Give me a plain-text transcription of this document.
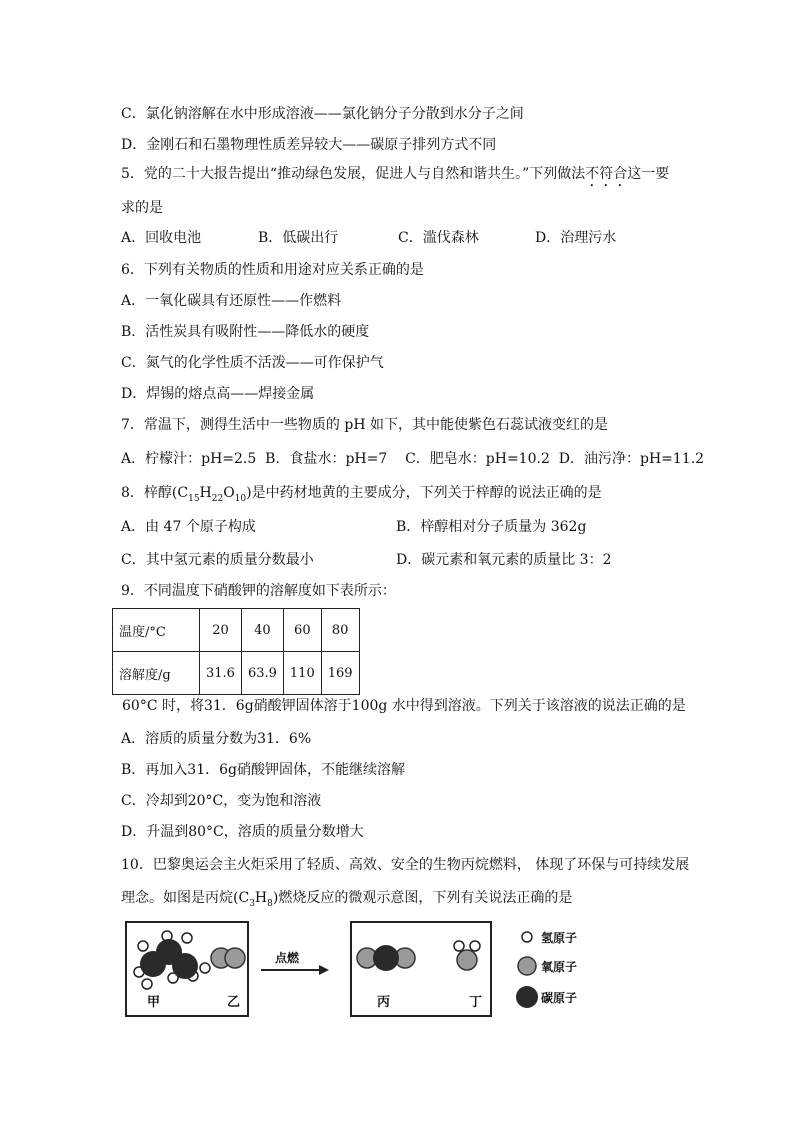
C．氯化钠溶解在水中形成溶液——氯化钠分子分散到水分子之间
D．金刚石和石墨物理性质差异较大——碳原子排列方式不同
5．党的二十大报告提出“推动绿色发展，促进人与自然和谐共生。”下列做法不符合这一要
求的是
A．回收电池	B．低碳出行	C．滥伐森林	D．治理污水
6．下列有关物质的性质和用途对应关系正确的是
A．一氧化碳具有还原性——作燃料
B．活性炭具有吸附性——降低水的硬度
C．氮气的化学性质不活泼——可作保护气
D．焊锡的熔点高——焊接金属
7．常温下，测得生活中一些物质的 pH 如下，其中能使紫色石蕊试液变红的是
A．柠檬汁：pH=2.5  B．食盐水：pH=7    C．肥皂水：pH=10.2  D．油污净：pH=11.2
8．梓醇$(C_{15}H_{22}O_{10})$是中药材地黄的主要成分，下列关于梓醇的说法正确的是
A．由 47 个原子构成	B．梓醇相对分子质量为 362g
C．其中氢元素的质量分数最小	D．碳元素和氧元素的质量比 3：2
9．不同温度下硝酸钾的溶解度如下表所示：
温度/°C	20	40	60	80
溶解度/g	31.6	63.9	110	169
60°C 时，将31．6g硝酸钾固体溶于100g 水中得到溶液。下列关于该溶液的说法正确的是
A．溶质的质量分数为31．6%
B．再加入31．6g硝酸钾固体，不能继续溶解
C．冷却到20°C，变为饱和溶液
D．升温到80°C，溶质的质量分数增大
10．巴黎奥运会主火炬采用了轻质、高效、安全的生物丙烷燃料， 体现了环保与可持续发展
理念。如图是丙烷$(C_3H_8)$燃烧反应的微观示意图，下列有关说法正确的是
甲	乙
点燃
丙	丁
氢原子
氧原子
碳原子
